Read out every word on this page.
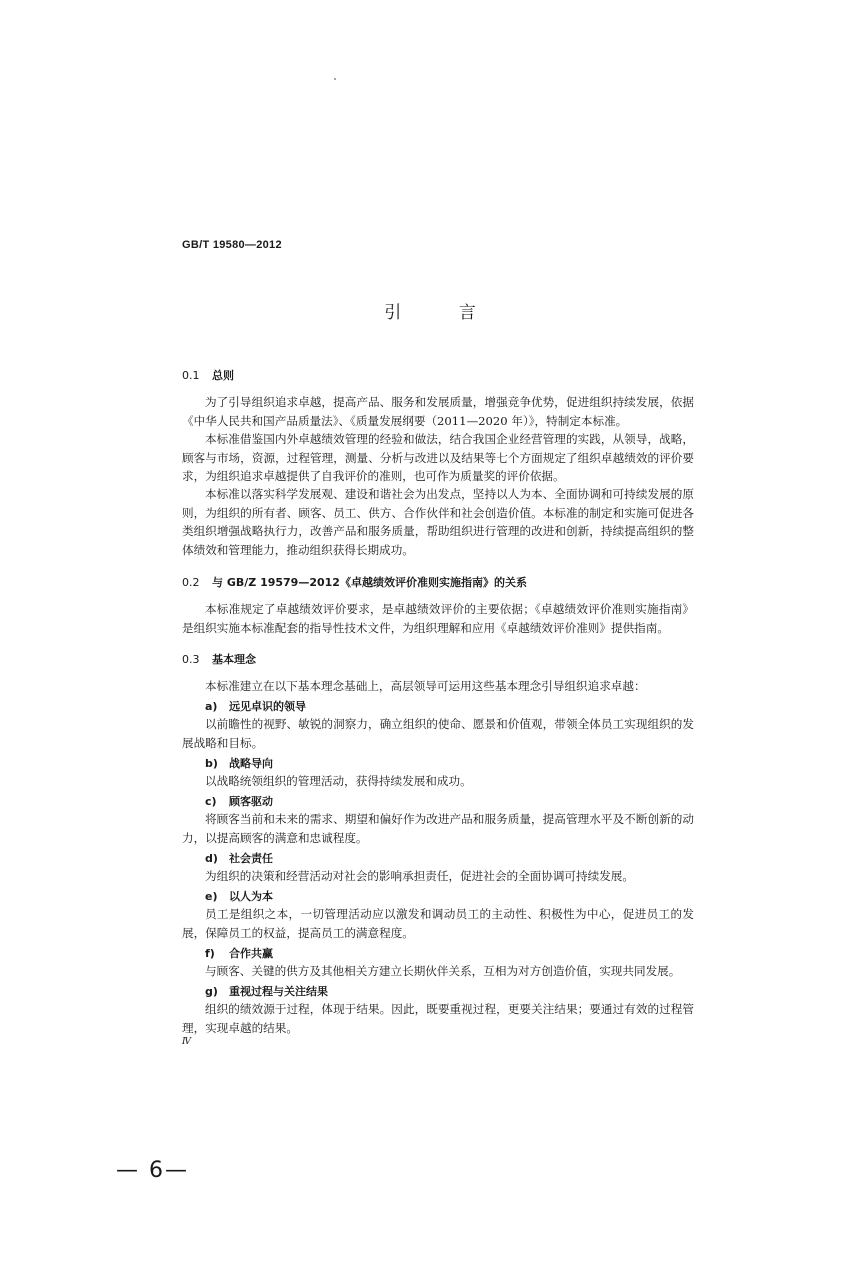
GB/T 19580—2012
引 言
0.1 总则
为了引导组织追求卓越，提高产品、服务和发展质量，增强竞争优势，促进组织持续发展，依据《中华人民共和国产品质量法》、《质量发展纲要（2011—2020 年）》，特制定本标准。
本标准借鉴国内外卓越绩效管理的经验和做法，结合我国企业经营管理的实践，从领导，战略，顾客与市场，资源，过程管理，测量、分析与改进以及结果等七个方面规定了组织卓越绩效的评价要求，为组织追求卓越提供了自我评价的准则，也可作为质量奖的评价依据。
本标准以落实科学发展观、建设和谐社会为出发点，坚持以人为本、全面协调和可持续发展的原则，为组织的所有者、顾客、员工、供方、合作伙伴和社会创造价值。本标准的制定和实施可促进各类组织增强战略执行力，改善产品和服务质量，帮助组织进行管理的改进和创新，持续提高组织的整体绩效和管理能力，推动组织获得长期成功。
0.2 与 GB/Z 19579—2012《卓越绩效评价准则实施指南》的关系
本标准规定了卓越绩效评价要求，是卓越绩效评价的主要依据；《卓越绩效评价准则实施指南》是组织实施本标准配套的指导性技术文件，为组织理解和应用《卓越绩效评价准则》提供指南。
0.3 基本理念
本标准建立在以下基本理念基础上，高层领导可运用这些基本理念引导组织追求卓越：
a) 远见卓识的领导
以前瞻性的视野、敏锐的洞察力，确立组织的使命、愿景和价值观，带领全体员工实现组织的发展战略和目标。
b) 战略导向
以战略统领组织的管理活动，获得持续发展和成功。
c) 顾客驱动
将顾客当前和未来的需求、期望和偏好作为改进产品和服务质量，提高管理水平及不断创新的动力，以提高顾客的满意和忠诚程度。
d) 社会责任
为组织的决策和经营活动对社会的影响承担责任，促进社会的全面协调可持续发展。
e) 以人为本
员工是组织之本，一切管理活动应以激发和调动员工的主动性、积极性为中心，促进员工的发展，保障员工的权益，提高员工的满意程度。
f) 合作共赢
与顾客、关键的供方及其他相关方建立长期伙伴关系，互相为对方创造价值，实现共同发展。
g) 重视过程与关注结果
组织的绩效源于过程，体现于结果。因此，既要重视过程，更要关注结果；要通过有效的过程管理，实现卓越的结果。
Ⅳ
— 6—
